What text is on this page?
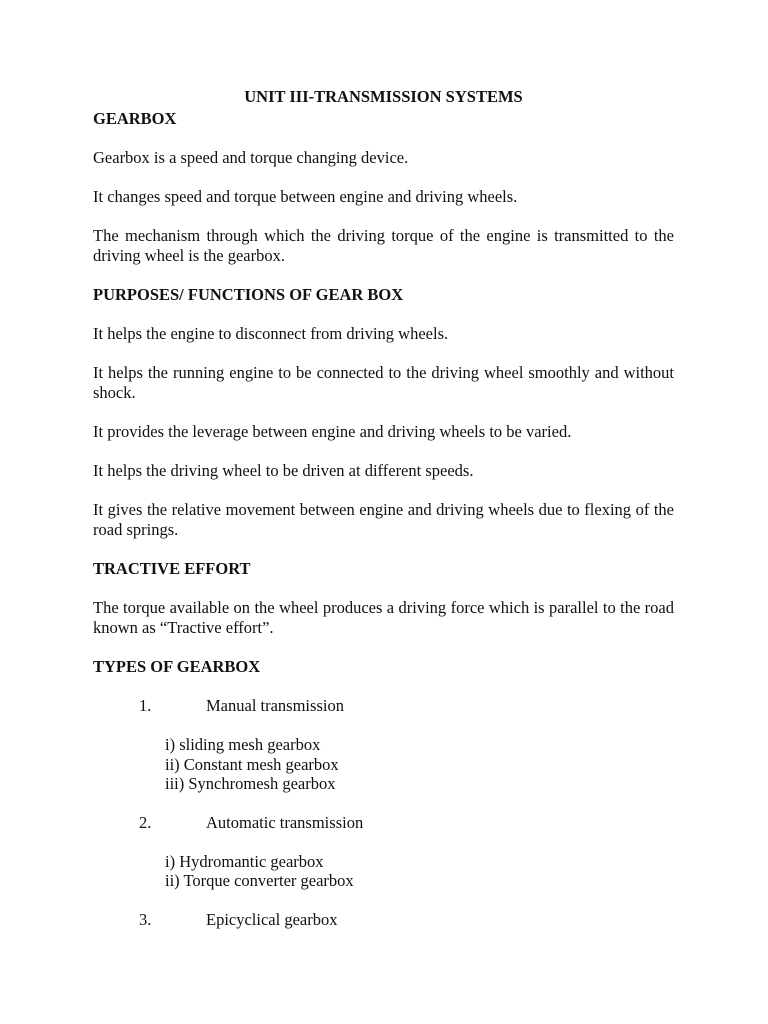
UNIT III-TRANSMISSION SYSTEMS
GEARBOX

Gearbox is a speed and torque changing device.

It changes speed and torque between engine and driving wheels.

The mechanism through which the driving torque of the engine is transmitted to the driving wheel is the gearbox.

PURPOSES/ FUNCTIONS OF GEAR BOX

It helps the engine to disconnect from driving wheels.

It helps the running engine to be connected to the driving wheel smoothly and without shock.

It provides the leverage between engine and driving wheels to be varied.

It helps the driving wheel to be driven at different speeds.

It gives the relative movement between engine and driving wheels due to flexing of the road springs.

TRACTIVE EFFORT

The torque available on the wheel produces a driving force which is parallel to the road known as “Tractive effort”.

TYPES OF GEARBOX
1.	Manual transmission
i) sliding mesh gearbox
ii) Constant mesh gearbox
iii) Synchromesh gearbox
2.	Automatic transmission
i) Hydromantic gearbox
ii) Torque converter gearbox
3.	Epicyclical gearbox
